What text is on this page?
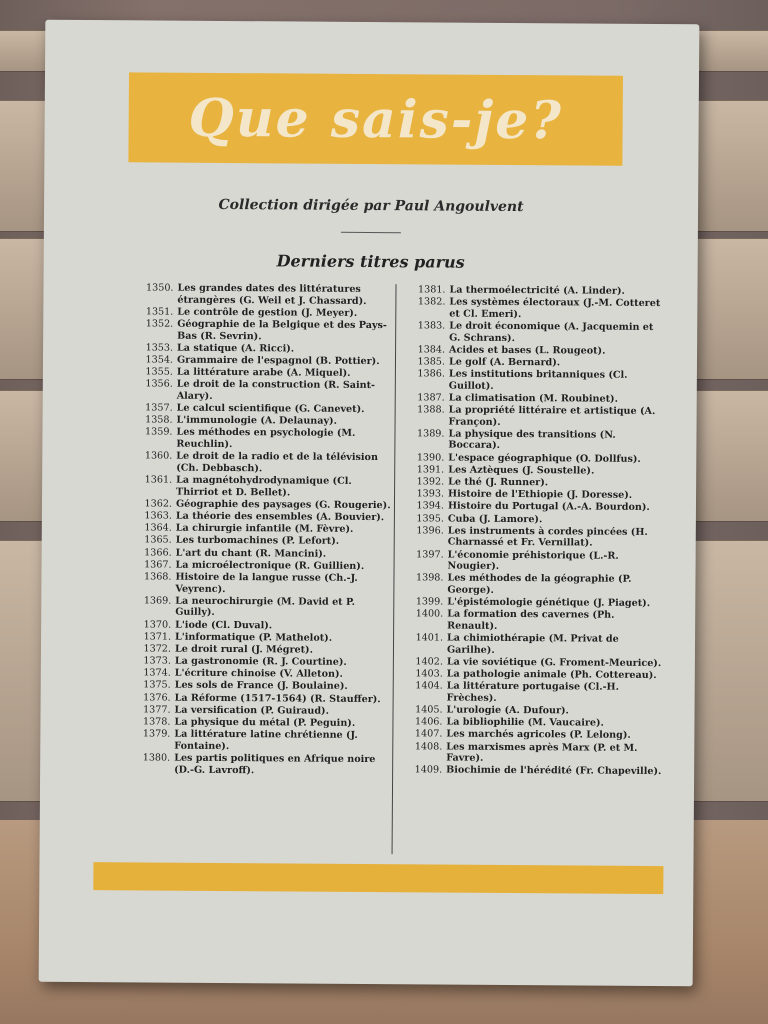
Que sais-je?
Collection dirigée par Paul Angoulvent
Derniers titres parus
1350. Les grandes dates des littératures étrangères (G. Weil et J. Chassard).
1351. Le contrôle de gestion (J. Meyer).
1352. Géographie de la Belgique et des Pays-Bas (R. Sevrin).
1353. La statique (A. Ricci).
1354. Grammaire de l'espagnol (B. Pottier).
1355. La littérature arabe (A. Miquel).
1356. Le droit de la construction (R. Saint-Alary).
1357. Le calcul scientifique (G. Canevet).
1358. L'immunologie (A. Delaunay).
1359. Les méthodes en psychologie (M. Reuchlin).
1360. Le droit de la radio et de la télévision (Ch. Debbasch).
1361. La magnétohydrodynamique (Cl. Thirriot et D. Bellet).
1362. Géographie des paysages (G. Rougerie).
1363. La théorie des ensembles (A. Bouvier).
1364. La chirurgie infantile (M. Fèvre).
1365. Les turbomachines (P. Lefort).
1366. L'art du chant (R. Mancini).
1367. La microélectronique (R. Guillien).
1368. Histoire de la langue russe (Ch.-J. Veyrenc).
1369. La neurochirurgie (M. David et P. Guilly).
1370. L'iode (Cl. Duval).
1371. L'informatique (P. Mathelot).
1372. Le droit rural (J. Mégret).
1373. La gastronomie (R. J. Courtine).
1374. L'écriture chinoise (V. Alleton).
1375. Les sols de France (J. Boulaine).
1376. La Réforme (1517-1564) (R. Stauffer).
1377. La versification (P. Guiraud).
1378. La physique du métal (P. Peguin).
1379. La littérature latine chrétienne (J. Fontaine).
1380. Les partis politiques en Afrique noire (D.-G. Lavroff).
1381. La thermoélectricité (A. Linder).
1382. Les systèmes électoraux (J.-M. Cotteret et Cl. Emeri).
1383. Le droit économique (A. Jacquemin et G. Schrans).
1384. Acides et bases (L. Rougeot).
1385. Le golf (A. Bernard).
1386. Les institutions britanniques (Cl. Guillot).
1387. La climatisation (M. Roubinet).
1388. La propriété littéraire et artistique (A. Françon).
1389. La physique des transitions (N. Boccara).
1390. L'espace géographique (O. Dollfus).
1391. Les Aztèques (J. Soustelle).
1392. Le thé (J. Runner).
1393. Histoire de l'Ethiopie (J. Doresse).
1394. Histoire du Portugal (A.-A. Bourdon).
1395. Cuba (J. Lamore).
1396. Les instruments à cordes pincées (H. Charnassé et Fr. Vernillat).
1397. L'économie préhistorique (L.-R. Nougier).
1398. Les méthodes de la géographie (P. George).
1399. L'épistémologie génétique (J. Piaget).
1400. La formation des cavernes (Ph. Renault).
1401. La chimiothérapie (M. Privat de Garilhe).
1402. La vie soviétique (G. Froment-Meurice).
1403. La pathologie animale (Ph. Cottereau).
1404. La littérature portugaise (Cl.-H. Frèches).
1405. L'urologie (A. Dufour).
1406. La bibliophilie (M. Vaucaire).
1407. Les marchés agricoles (P. Lelong).
1408. Les marxismes après Marx (P. et M. Favre).
1409. Biochimie de l'hérédité (Fr. Chapeville).
